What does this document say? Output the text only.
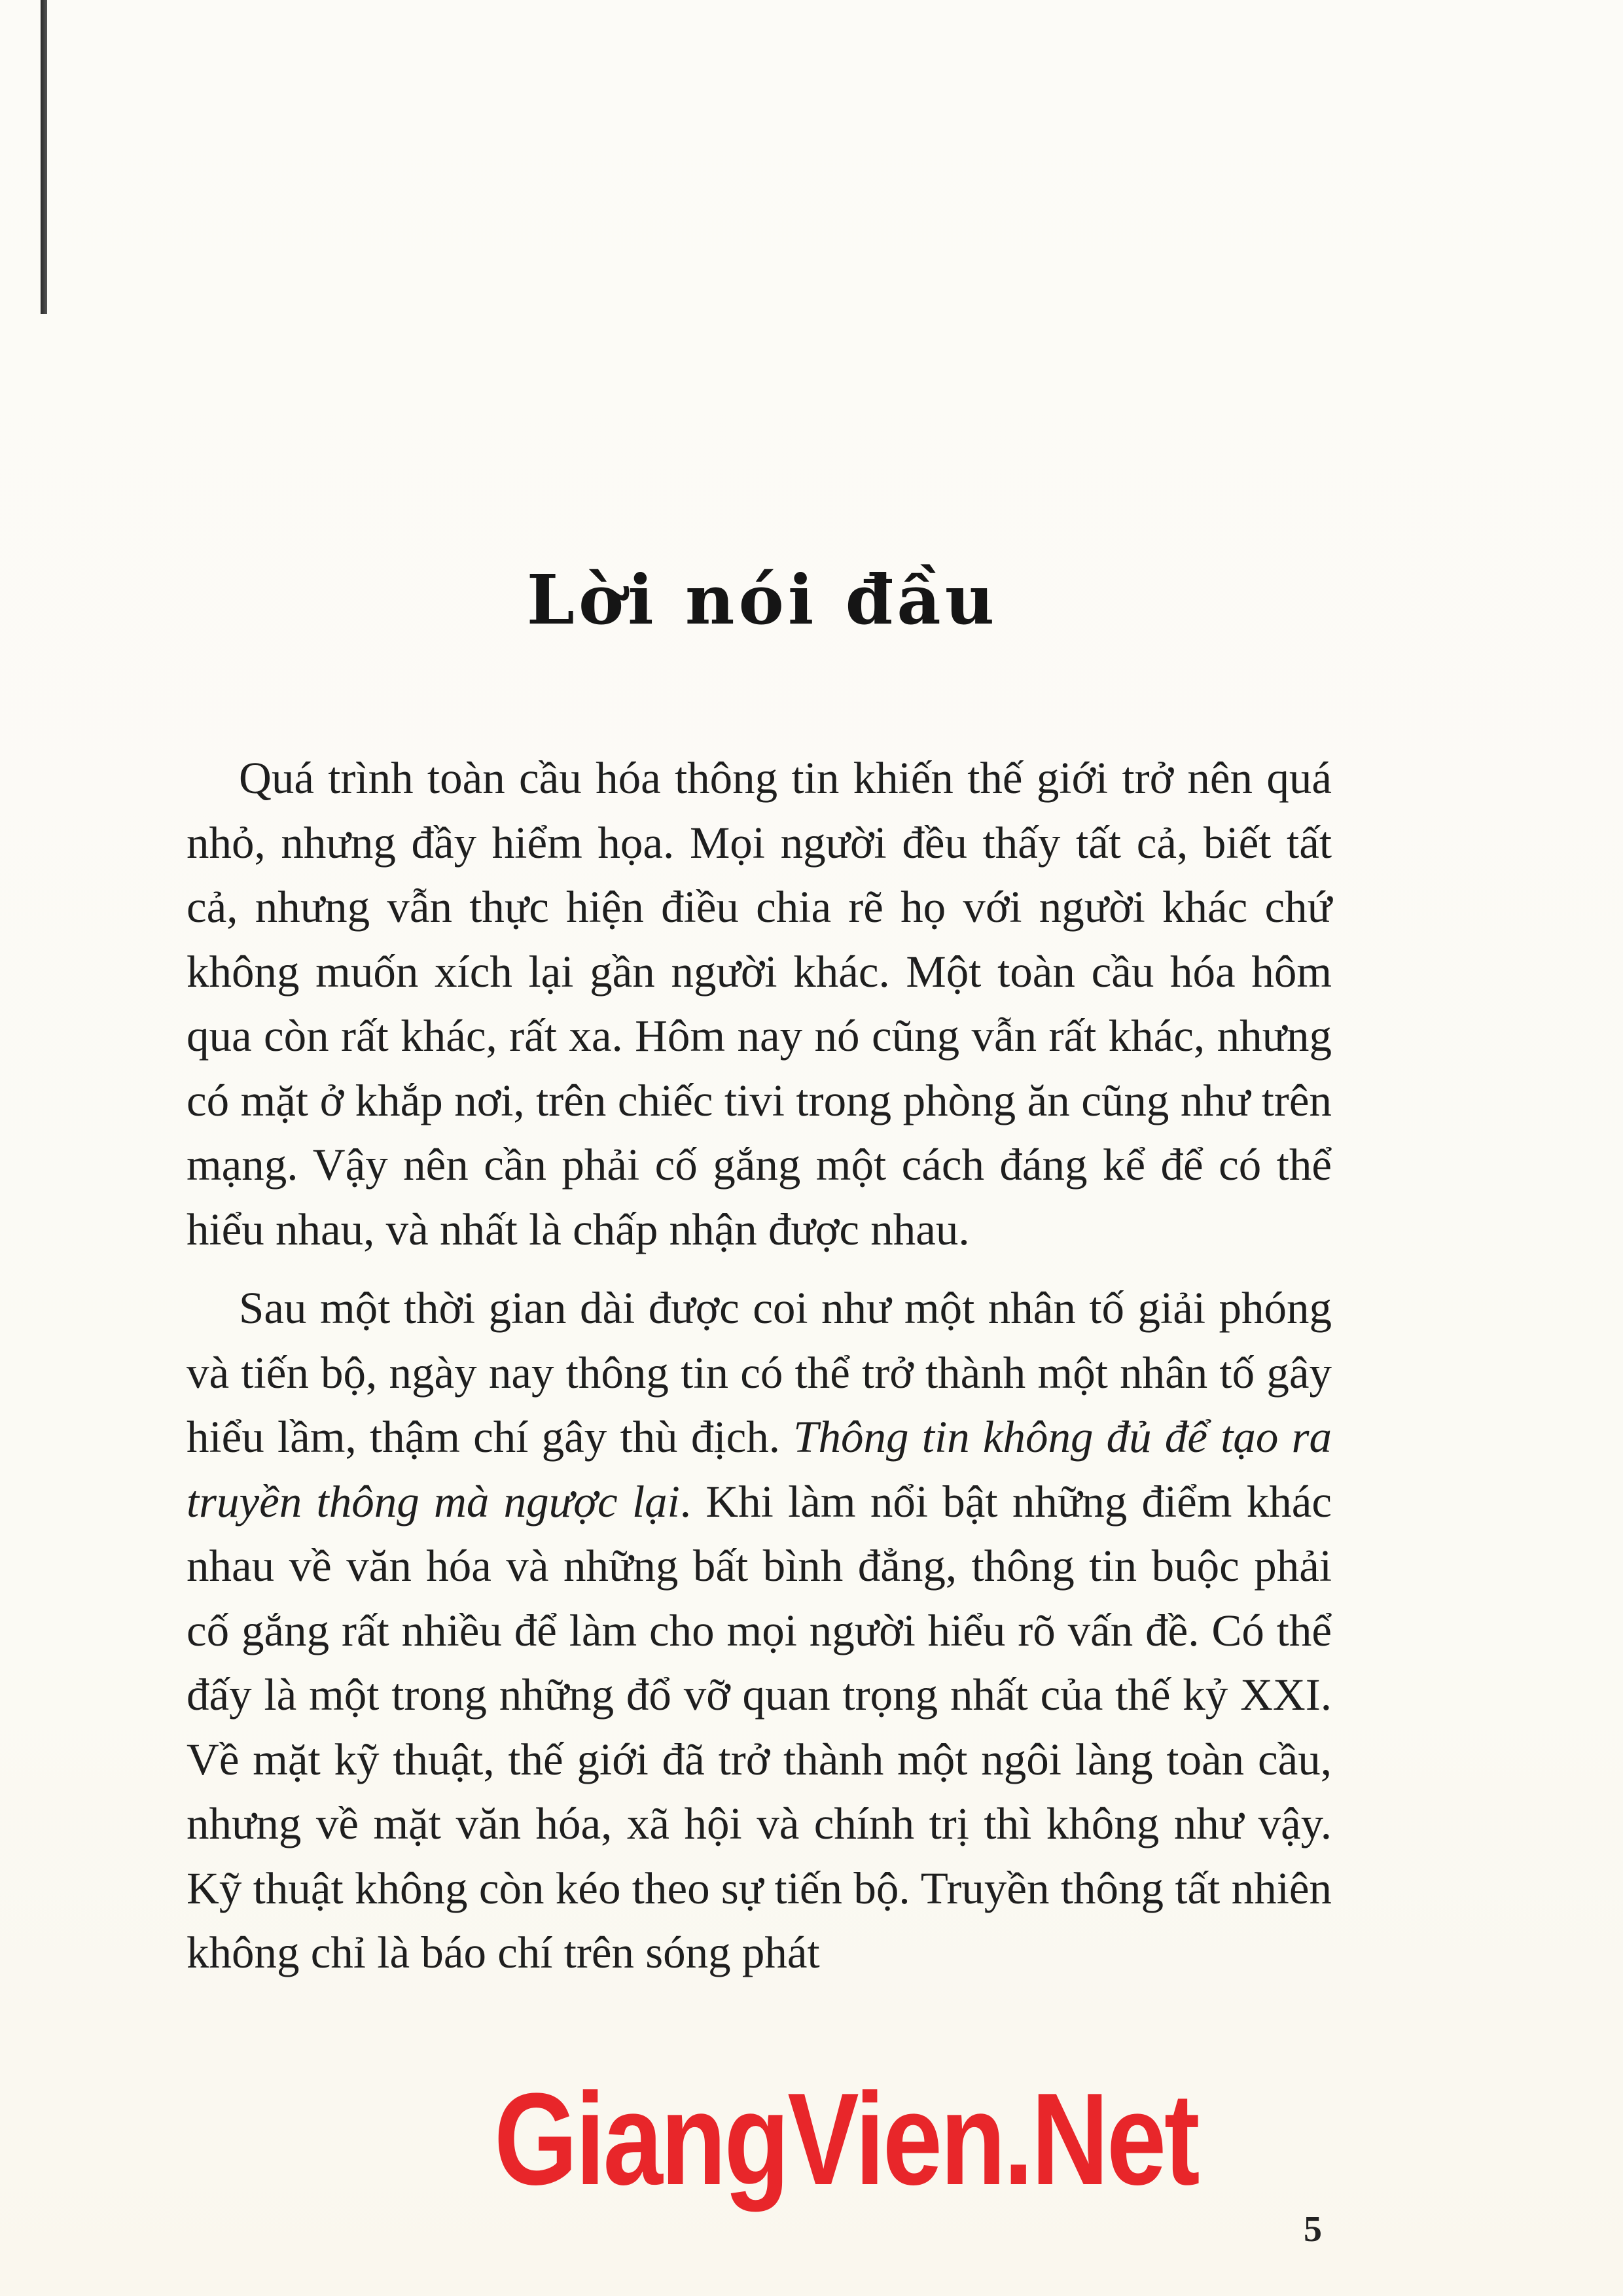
Lời nói đầu

Quá trình toàn cầu hóa thông tin khiến thế giới trở nên quá nhỏ, nhưng đầy hiểm họa. Mọi người đều thấy tất cả, biết tất cả, nhưng vẫn thực hiện điều chia rẽ họ với người khác chứ không muốn xích lại gần người khác. Một toàn cầu hóa hôm qua còn rất khác, rất xa. Hôm nay nó cũng vẫn rất khác, nhưng có mặt ở khắp nơi, trên chiếc tivi trong phòng ăn cũng như trên mạng. Vậy nên cần phải cố gắng một cách đáng kể để có thể hiểu nhau, và nhất là chấp nhận được nhau.

Sau một thời gian dài được coi như một nhân tố giải phóng và tiến bộ, ngày nay thông tin có thể trở thành một nhân tố gây hiểu lầm, thậm chí gây thù địch. Thông tin không đủ để tạo ra truyền thông mà ngược lại. Khi làm nổi bật những điểm khác nhau về văn hóa và những bất bình đẳng, thông tin buộc phải cố gắng rất nhiều để làm cho mọi người hiểu rõ vấn đề. Có thể đấy là một trong những đổ vỡ quan trọng nhất của thế kỷ XXI. Về mặt kỹ thuật, thế giới đã trở thành một ngôi làng toàn cầu, nhưng về mặt văn hóa, xã hội và chính trị thì không như vậy. Kỹ thuật không còn kéo theo sự tiến bộ. Truyền thông tất nhiên không chỉ là báo chí trên sóng phát

GiangVien.Net
5
